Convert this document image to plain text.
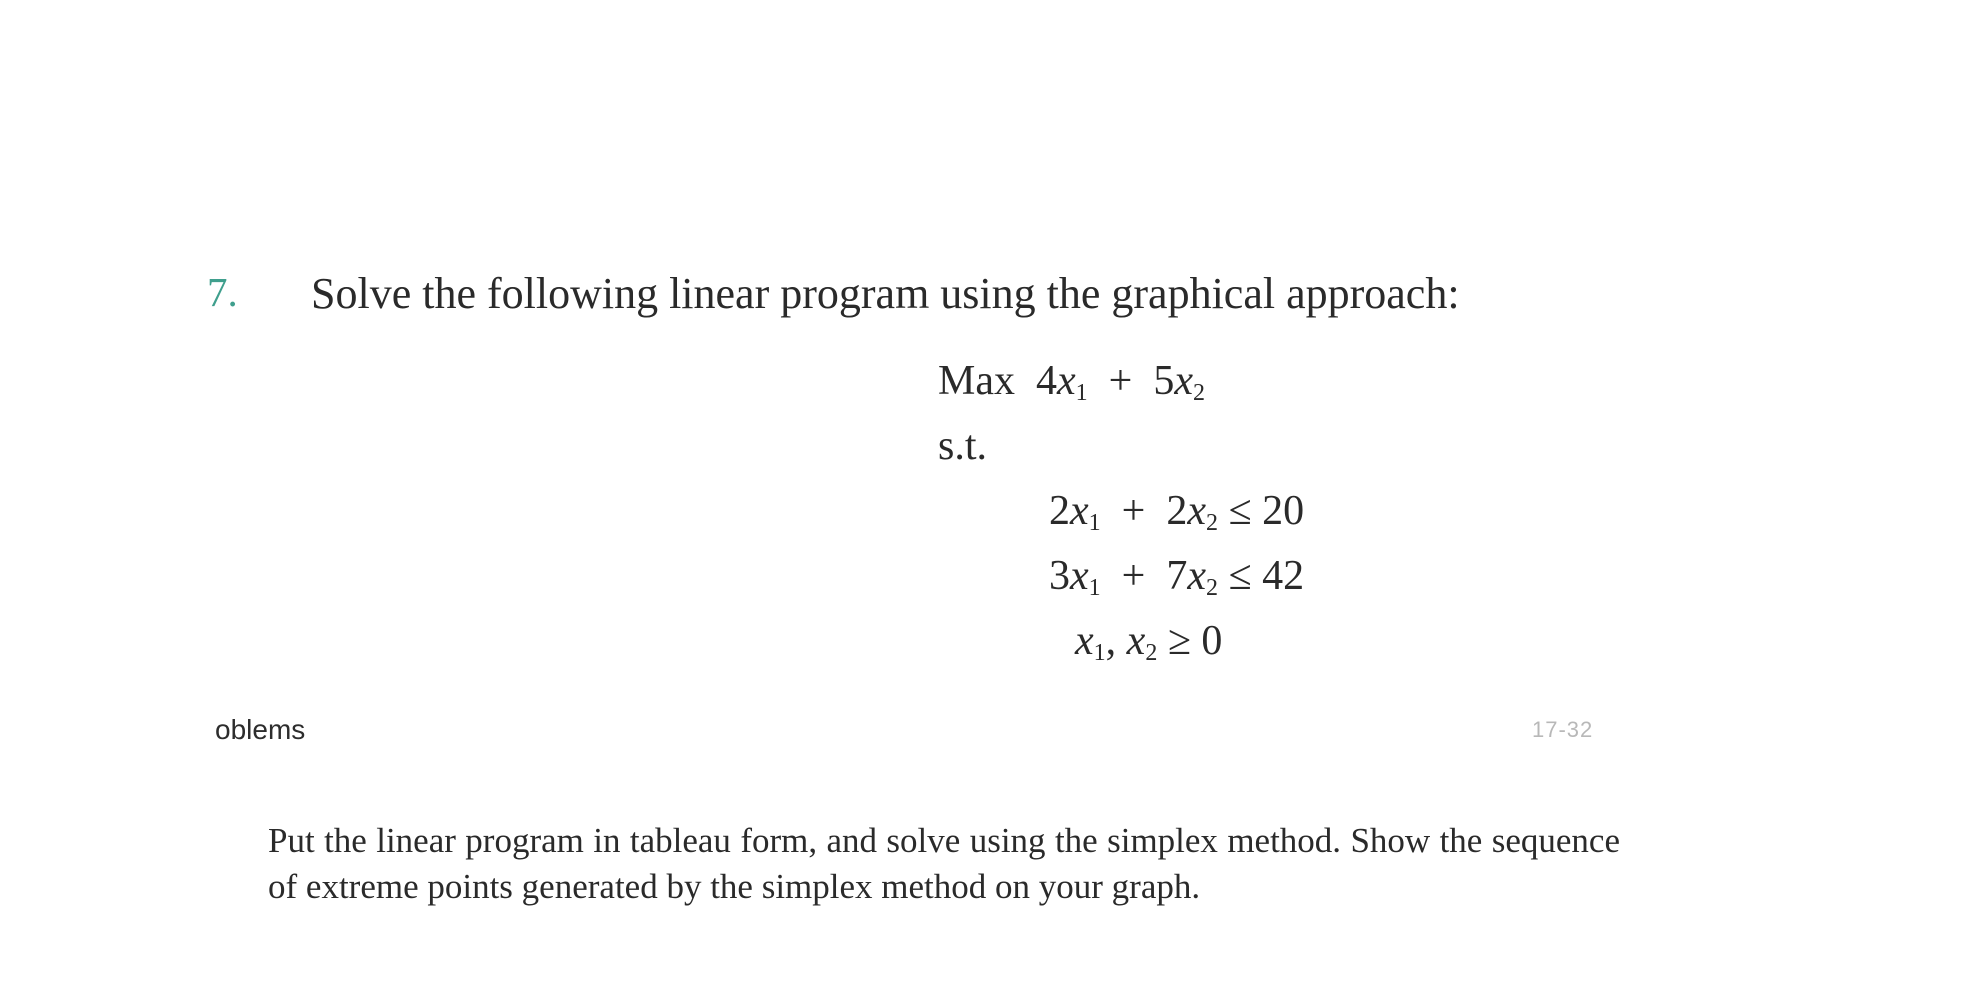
7. Solve the following linear program using the graphical approach:
Max $4x_1 + 5x_2$
s.t.
$2x_1 + 2x_2 \le 20$
$3x_1 + 7x_2 \le 42$
$x_1$, $x_2 \ge 0$
oblems	17-32
Put the linear program in tableau form, and solve using the simplex method. Show the sequence of extreme points generated by the simplex method on your graph.
